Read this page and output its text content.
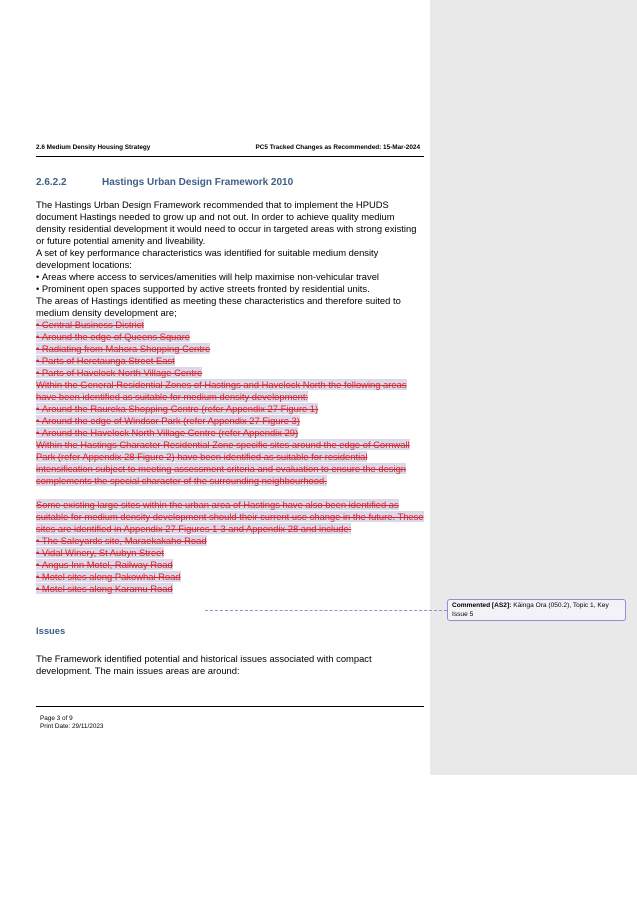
2.6 Medium Density Housing Strategy	PC5 Tracked Changes as Recommended: 15-Mar-2024
2.6.2.2	Hastings Urban Design Framework 2010

The Hastings Urban Design Framework recommended that to implement the HPUDS document Hastings needed to grow up and not out. In order to achieve quality medium density residential development it would need to occur in targeted areas with strong existing or future potential amenity and liveability.

A set of key performance characteristics was identified for suitable medium density development locations:

• Areas where access to services/amenities will help maximise non-vehicular travel

• Prominent open spaces supported by active streets fronted by residential units.

The areas of Hastings identified as meeting these characteristics and therefore suited to medium density development are;

• Central Business District

• Around the edge of Queens Square

• Radiating from Mahora Shopping Centre

• Parts of Heretaunga Street East

• Parts of Havelock North Village Centre

Within the General Residential Zones of Hastings and Havelock North the following areas have been identified as suitable for medium density development:

• Around the Raureka Shopping Centre (refer Appendix 27 Figure 1)

• Around the edge of Windsor Park (refer Appendix 27 Figure 3)

• Around the Havelock North Village Centre (refer Appendix 29)

Within the Hastings Character Residential Zone specific sites around the edge of Cornwall Park (refer Appendix 28 Figure 2) have been identified as suitable for residential intensification subject to meeting assessment criteria and evaluation to ensure the design complements the special character of the surrounding neighbourhood.

Some existing large sites within the urban area of Hastings have also been identified as suitable for medium density development should their current use change in the future. These sites are identified in Appendix 27 Figures 1-3 and Appendix 28 and include:

• The Saleyards site, Maraekakaho Road

• Vidal Winery, St Aubyn Street

• Angus Inn Motel, Railway Road

• Motel sites along Pakowhai Road

• Motel sites along Karamu Road

Commented [AS2]: Kāinga Ora (050.2), Topic 1, Key Issue 5
Issues
The Framework identified potential and historical issues associated with compact development. The main issues areas are around:
Page 3 of 9
Print Date: 29/11/2023
